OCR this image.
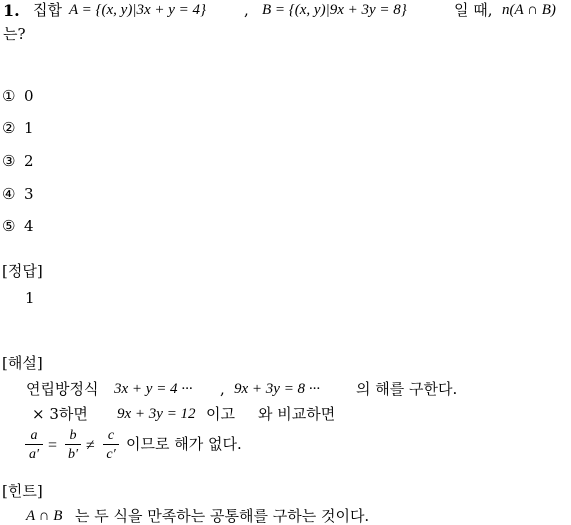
1. 집합 A = {(x, y)|3x + y = 4}	, B = {(x, y)|9x + 3y = 8}	일 때, n(A ∩ B)
는?
① 0
② 1
③ 2
④ 3
⑤ 4
[정답]
1
[해설]
연립방정식 3x + y = 4 ··· , 9x + 3y = 8 ··· 의 해를 구한다.
× 3하면 9x + 3y = 12 이고 와 비교하면
a
a′
=
b
b′
≠
c
c′
이므로 해가 없다.
[힌트]
A ∩ B 는 두 식을 만족하는 공통해를 구하는 것이다.
